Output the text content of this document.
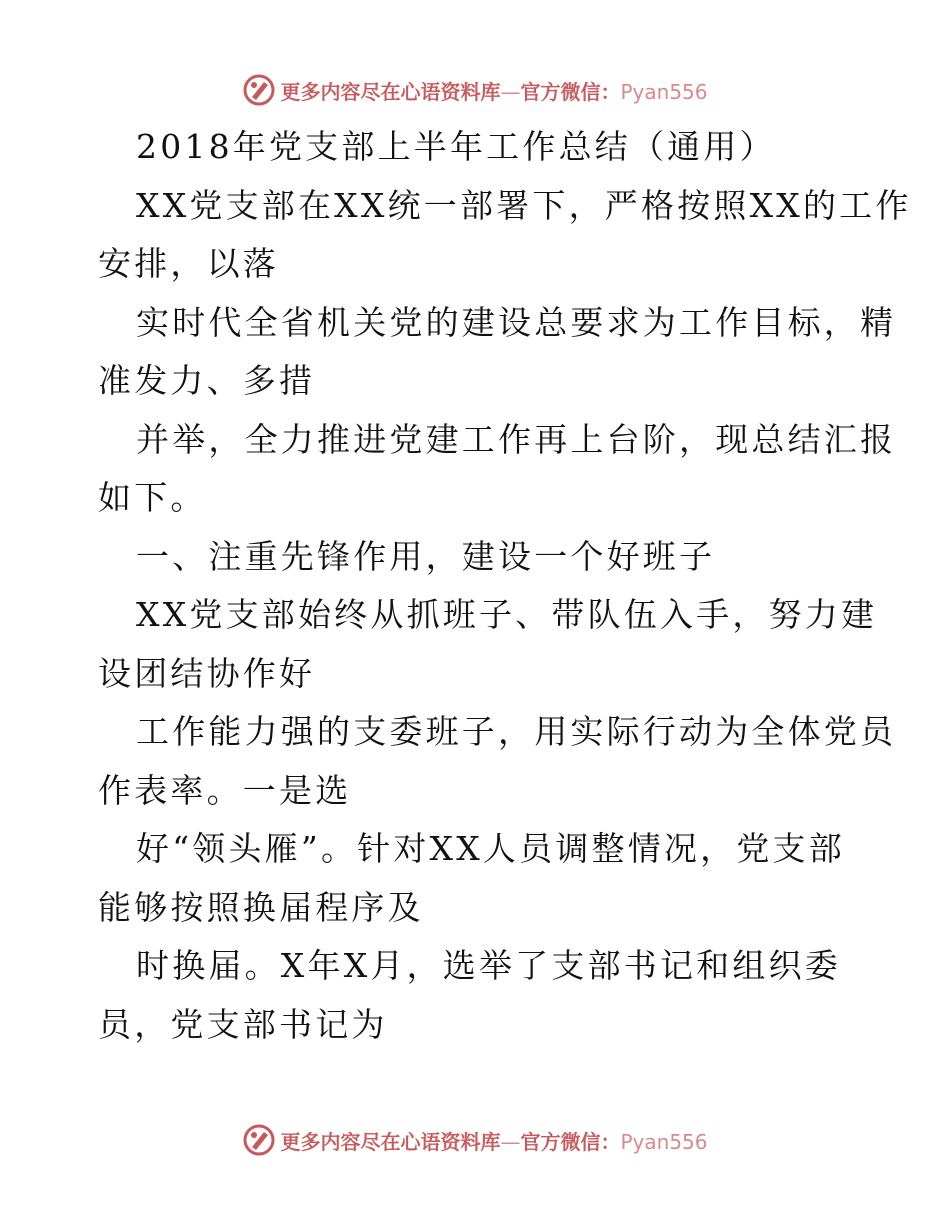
更多内容尽在心语资料库—官方微信：Pyan556
2018年党支部上半年工作总结（通用）
XX党支部在XX统一部署下，严格按照XX的工作
安排，以落
实时代全省机关党的建设总要求为工作目标，精
准发力、多措
并举，全力推进党建工作再上台阶，现总结汇报
如下。
一、注重先锋作用，建设一个好班子
XX党支部始终从抓班子、带队伍入手，努力建
设团结协作好
工作能力强的支委班子，用实际行动为全体党员
作表率。一是选
好“领头雁”。针对XX人员调整情况，党支部
能够按照换届程序及
时换届。X年X月，选举了支部书记和组织委
员，党支部书记为
更多内容尽在心语资料库—官方微信：Pyan556
